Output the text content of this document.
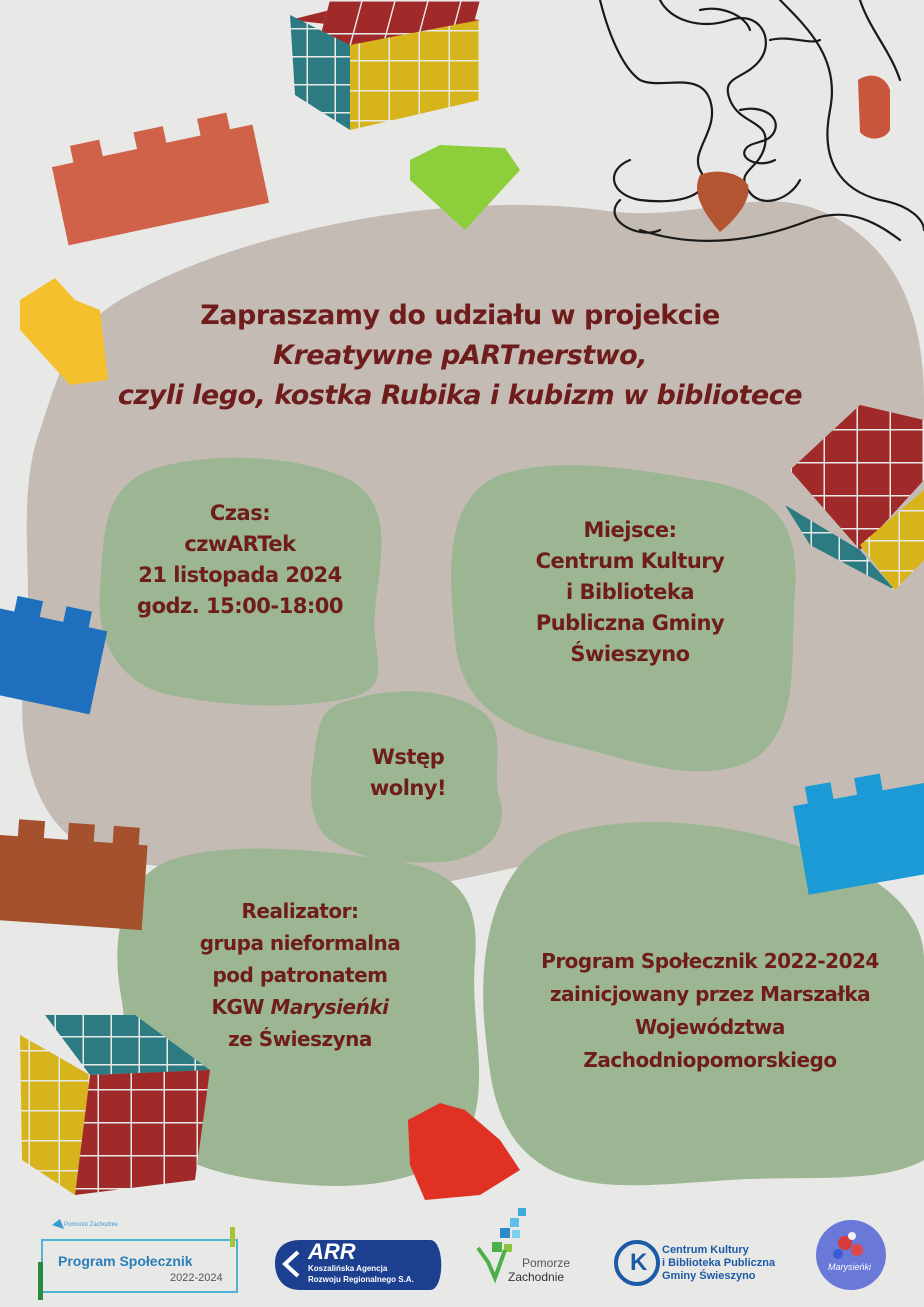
Zapraszamy do udziału w projekcie
Kreatywne pARTnerstwo,
czyli lego, kostka Rubika i kubizm w bibliotece
Czas:
czwARTek
21 listopada 2024
godz. 15:00-18:00
Miejsce:
Centrum Kultury
i Biblioteka
Publiczna Gminy
Świeszyno
Wstęp
wolny!
Realizator:
grupa nieformalna
pod patronatem
KGW Marysieńki
ze Świeszyna
Program Społecznik 2022-2024
zainicjowany przez Marszałka
Województwa
Zachodniopomorskiego
Pomorze Zachodnie
Program Społecznik
2022-2024
ARR
Koszalińska Agencja
Rozwoju Regionalnego S.A.
Pomorze
Zachodnie
K Centrum Kultury
i Biblioteka Publiczna
Gminy Świeszyno
Marysieńki
